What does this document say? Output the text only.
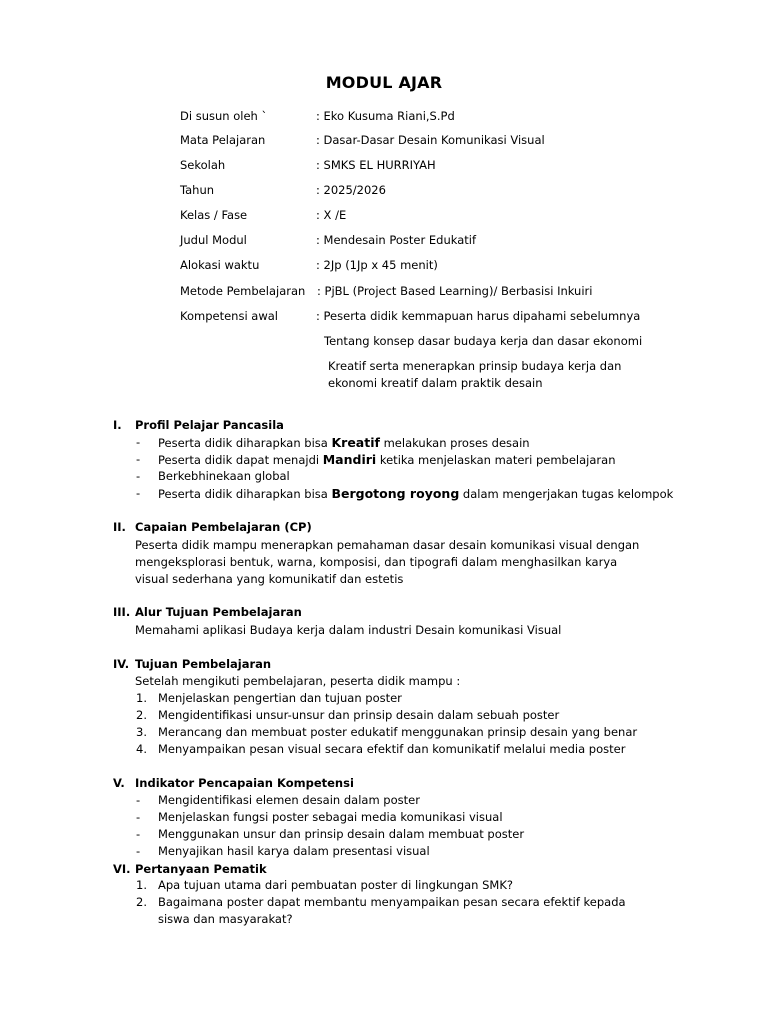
MODUL AJAR
Di susun oleh `	: Eko Kusuma Riani,S.Pd
Mata Pelajaran	: Dasar-Dasar Desain Komunikasi Visual
Sekolah	: SMKS EL HURRIYAH
Tahun	: 2025/2026
Kelas / Fase	: X /E
Judul Modul	: Mendesain Poster Edukatif
Alokasi waktu	: 2Jp (1Jp x 45 menit)
Metode Pembelajaran : PjBL (Project Based Learning)/ Berbasisi Inkuiri
Kompetensi awal	: Peserta didik kemmapuan harus dipahami sebelumnya
Tentang konsep dasar budaya kerja dan dasar ekonomi
Kreatif serta menerapkan prinsip budaya kerja dan
ekonomi kreatif dalam praktik desain
I. Profil Pelajar Pancasila
- Peserta didik diharapkan bisa Kreatif melakukan proses desain
- Peserta didik dapat menajdi Mandiri ketika menjelaskan materi pembelajaran
- Berkebhinekaan global
- Peserta didik diharapkan bisa Bergotong royong dalam mengerjakan tugas kelompok
II. Capaian Pembelajaran (CP)
Peserta didik mampu menerapkan pemahaman dasar desain komunikasi visual dengan
mengeksplorasi bentuk, warna, komposisi, dan tipografi dalam menghasilkan karya
visual sederhana yang komunikatif dan estetis
III. Alur Tujuan Pembelajaran
Memahami aplikasi Budaya kerja dalam industri Desain komunikasi Visual
IV. Tujuan Pembelajaran
Setelah mengikuti pembelajaran, peserta didik mampu :
1. Menjelaskan pengertian dan tujuan poster
2. Mengidentifikasi unsur-unsur dan prinsip desain dalam sebuah poster
3. Merancang dan membuat poster edukatif menggunakan prinsip desain yang benar
4. Menyampaikan pesan visual secara efektif dan komunikatif melalui media poster
V. Indikator Pencapaian Kompetensi
- Mengidentifikasi elemen desain dalam poster
- Menjelaskan fungsi poster sebagai media komunikasi visual
- Menggunakan unsur dan prinsip desain dalam membuat poster
- Menyajikan hasil karya dalam presentasi visual
VI. Pertanyaan Pematik
1. Apa tujuan utama dari pembuatan poster di lingkungan SMK?
2. Bagaimana poster dapat membantu menyampaikan pesan secara efektif kepada
siswa dan masyarakat?
